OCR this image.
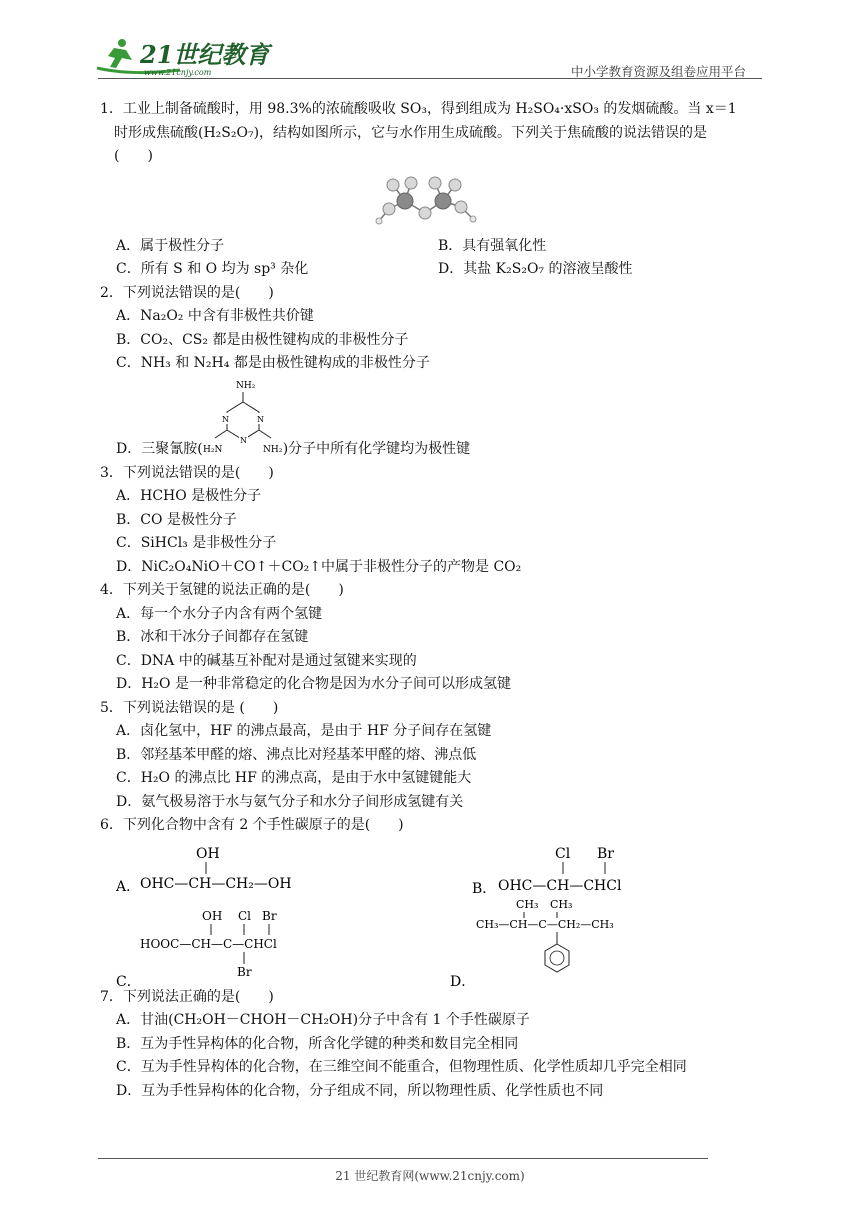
21世纪教育
www.21cnjy.com	中小学教育资源及组卷应用平台
1．工业上制备硫酸时，用 98.3%的浓硫酸吸收 SO₃，得到组成为 H₂SO₄·xSO₃ 的发烟硫酸。当 x＝1
时形成焦硫酸(H₂S₂O₇)，结构如图所示，它与水作用生成硫酸。下列关于焦硫酸的说法错误的是
(　　)
A．属于极性分子	B．具有强氧化性
C．所有 S 和 O 均为 sp³ 杂化	D．其盐 K₂S₂O₇ 的溶液呈酸性
2．下列说法错误的是(　　)
A．Na₂O₂ 中含有非极性共价键
B．CO₂、CS₂ 都是由极性键构成的非极性分子
C．NH₃ 和 N₂H₄ 都是由极性键构成的非极性分子
D．三聚氰胺(
NH₂
N	N
N
H₂N	NH₂ )分子中所有化学键均为极性键
3．下列说法错误的是(　　)
A．HCHO 是极性分子
B．CO 是极性分子
C．SiHCl₃ 是非极性分子
D．NiC₂O₄NiO＋CO↑＋CO₂↑中属于非极性分子的产物是 CO₂
4．下列关于氢键的说法正确的是(　　)
A．每一个水分子内含有两个氢键
B．冰和干冰分子间都存在氢键
C．DNA 中的碱基互补配对是通过氢键来实现的
D．H₂O 是一种非常稳定的化合物是因为水分子间可以形成氢键
5．下列说法错误的是 (　　)
A．卤化氢中，HF 的沸点最高，是由于 HF 分子间存在氢键
B．邻羟基苯甲醛的熔、沸点比对羟基苯甲醛的熔、沸点低
C．H₂O 的沸点比 HF 的沸点高，是由于水中氢键键能大
D．氨气极易溶于水与氨气分子和水分子间形成氢键有关
6．下列化合物中含有 2 个手性碳原子的是(　　)
A．
OH
OHC—CH—CH₂—OH	B．
Cl Br
OHC—CH—CHCl
C．
OH Cl Br
HOOC—CH—C—CHCl
Br
D．
CH₃ CH₃
CH₃—CH—C—CH₂—CH₃
7．下列说法正确的是(　　)
A．甘油(CH₂OH－CHOH－CH₂OH)分子中含有 1 个手性碳原子
B．互为手性异构体的化合物，所含化学键的种类和数目完全相同
C．互为手性异构体的化合物，在三维空间不能重合，但物理性质、化学性质却几乎完全相同
D．互为手性异构体的化合物，分子组成不同，所以物理性质、化学性质也不同
21 世纪教育网(www.21cnjy.com)
